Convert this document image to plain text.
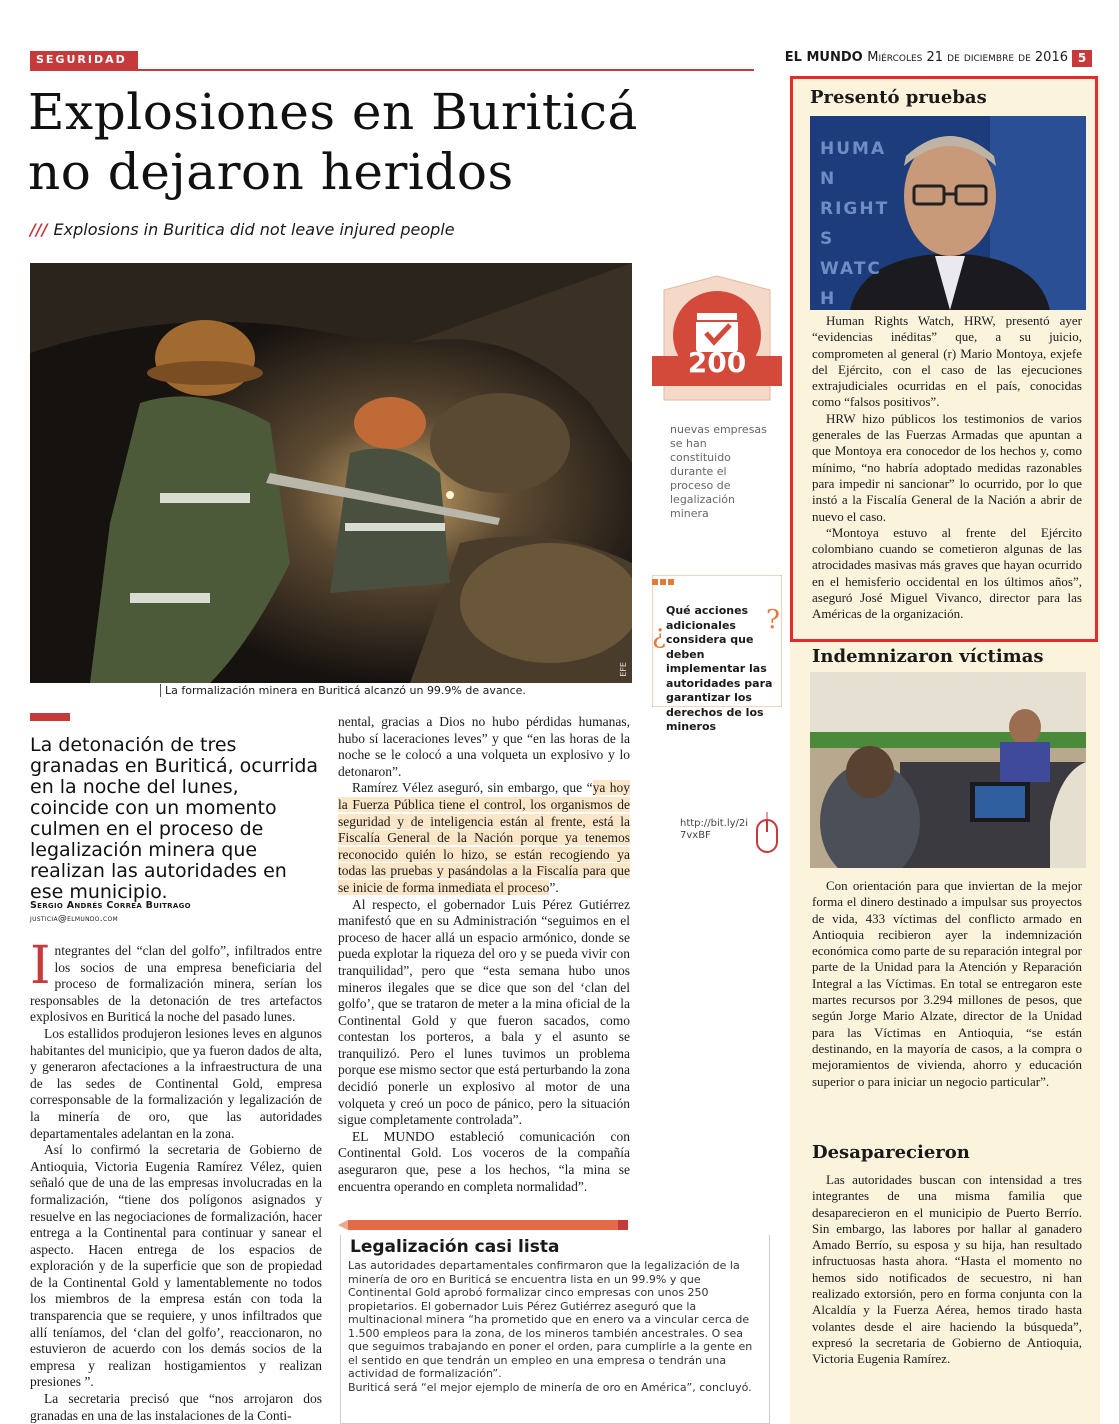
SEGURIDAD	EL MUNDO Miércoles 21 de diciembre de 2016 5
Explosiones en Buriticá
no dejaron heridos
/// Explosions in Buritica did not leave injured people
EFE
La formalización minera en Buriticá alcanzó un 99.9% de avance.
200
nuevas empresas se han constituido durante el proceso de legalización minera
¿	?
Qué acciones adicionales considera que deben implementar las autoridades para garantizar los derechos de los mineros
La detonación de tres granadas en Buriticá, ocurrida en la noche del lunes, coincide con un momento culmen en el proceso de legalización minera que realizan las autoridades en ese municipio.
Sergio Andrés Correa Buitrago
justicia@elmundo.com

Integrantes del “clan del golfo”, infiltrados entre los socios de una empresa beneficiaria del proceso de formalización minera, serían los responsables de la detonación de tres artefactos explosivos en Buriticá la noche del pasado lunes.

Los estallidos produjeron lesiones leves en algunos habitantes del municipio, que ya fueron dados de alta, y generaron afectaciones a la infraestructura de una de las sedes de Continental Gold, empresa corresponsable de la formalización y legalización de la minería de oro, que las autoridades departamentales adelantan en la zona.

Así lo confirmó la secretaria de Gobierno de Antioquia, Victoria Eugenia Ramírez Vélez, quien señaló que de una de las empresas involucradas en la formalización, “tiene dos polígonos asignados y resuelve en las negociaciones de formalización, hacer entrega a la Continental para continuar y sanear el aspecto. Hacen entrega de los espacios de exploración y de la superficie que son de propiedad de la Continental Gold y lamentablemente no todos los miembros de la empresa están con toda la transparencia que se requiere, y unos infiltrados que allí teníamos, del ‘clan del golfo’, reaccionaron, no estuvieron de acuerdo con los demás socios de la empresa y realizan hostigamientos y realizan presiones ”.

La secretaria precisó que “nos arrojaron dos granadas en una de las instalaciones de la Conti-

nental, gracias a Dios no hubo pérdidas humanas, hubo sí laceraciones leves” y que “en las horas de la noche se le colocó a una volqueta un explosivo y lo detonaron”.

Ramírez Vélez aseguró, sin embargo, que “ya hoy la Fuerza Pública tiene el control, los organismos de seguridad y de inteligencia están al frente, está la Fiscalía General de la Nación porque ya tenemos reconocido quién lo hizo, se están recogiendo ya todas las pruebas y pasándolas a la Fiscalía para que se inicie de forma inmediata el proceso”.

Al respecto, el gobernador Luis Pérez Gutiérrez manifestó que en su Administración “seguimos en el proceso de hacer allá un espacio armónico, donde se pueda explotar la riqueza del oro y se pueda vivir con tranquilidad”, pero que “esta semana hubo unos mineros ilegales que se dice que son del ‘clan del golfo’, que se trataron de meter a la mina oficial de la Continental Gold y que fueron sacados, como contestan los porteros, a bala y el asunto se tranquilizó. Pero el lunes tuvimos un problema porque ese mismo sector que está perturbando la zona decidió ponerle un explosivo al motor de una volqueta y creó un poco de pánico, pero la situación sigue completamente controlada”.

EL MUNDO estableció comunicación con Continental Gold. Los voceros de la compañía aseguraron que, pese a los hechos, “la mina se encuentra operando en completa normalidad”.

http://bit.ly/2i7vxBF
Legalización casi lista
Las autoridades departamentales confirmaron que la legalización de la minería de oro en Buriticá se encuentra lista en un 99.9% y que Continental Gold aprobó formalizar cinco empresas con unos 250 propietarios. El gobernador Luis Pérez Gutiérrez aseguró que la multinacional minera “ha prometido que en enero va a vincular cerca de 1.500 empleos para la zona, de los mineros también ancestrales. O sea que seguimos trabajando en poner el orden, para cumplirle a la gente en el sentido en que tendrán un empleo en una empresa o tendrán una actividad de formalización”.
Buriticá será “el mejor ejemplo de minería de oro en América”, concluyó.
Presentó pruebas
HUMAN RIGHTS WATCH

Human Rights Watch, HRW, presentó ayer “evidencias inéditas” que, a su juicio, comprometen al general (r) Mario Montoya, exjefe del Ejército, con el caso de las ejecuciones extrajudiciales ocurridas en el país, conocidas como “falsos positivos”.

HRW hizo públicos los testimonios de varios generales de las Fuerzas Armadas que apuntan a que Montoya era conocedor de los hechos y, como mínimo, “no habría adoptado medidas razonables para impedir ni sancionar” lo ocurrido, por lo que instó a la Fiscalía General de la Nación a abrir de nuevo el caso.

“Montoya estuvo al frente del Ejército colombiano cuando se cometieron algunas de las atrocidades masivas más graves que hayan ocurrido en el hemisferio occidental en los últimos años”, aseguró José Miguel Vivanco, director para las Américas de la organización.

Indemnizaron víctimas

Con orientación para que inviertan de la mejor forma el dinero destinado a impulsar sus proyectos de vida, 433 víctimas del conflicto armado en Antioquia recibieron ayer la indemnización económica como parte de su reparación integral por parte de la Unidad para la Atención y Reparación Integral a las Víctimas. En total se entregaron este martes recursos por 3.294 millones de pesos, que según Jorge Mario Alzate, director de la Unidad para las Víctimas en Antioquia, “se están destinando, en la mayoría de casos, a la compra o mejoramientos de vivienda, ahorro y educación superior o para iniciar un negocio particular”.

Desaparecieron

Las autoridades buscan con intensidad a tres integrantes de una misma familia que desaparecieron en el municipio de Puerto Berrío. Sin embargo, las labores por hallar al ganadero Amado Berrío, su esposa y su hija, han resultado infructuosas hasta ahora. “Hasta el momento no hemos sido notificados de secuestro, ni han realizado extorsión, pero en forma conjunta con la Alcaldía y la Fuerza Aérea, hemos tirado hasta volantes desde el aire haciendo la búsqueda”, expresó la secretaria de Gobierno de Antioquia, Victoria Eugenia Ramírez.
